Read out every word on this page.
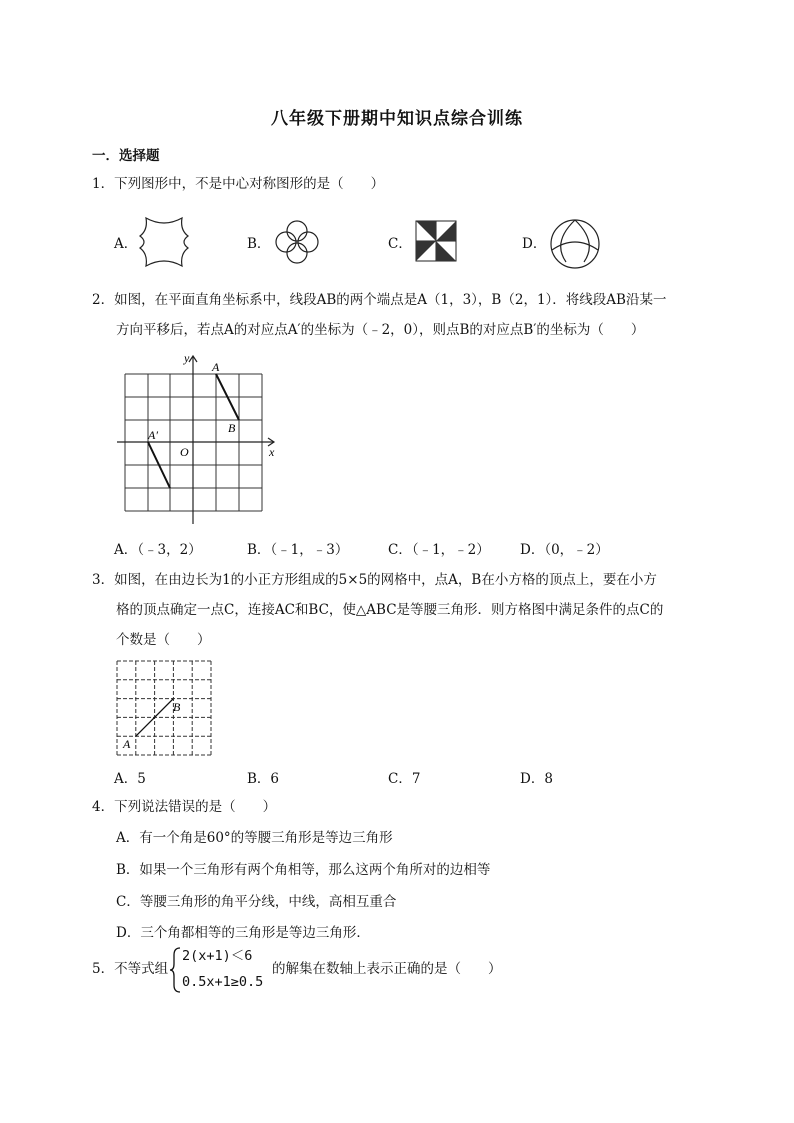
八年级下册期中知识点综合训练
一．选择题
1．下列图形中，不是中心对称图形的是（　　）
A．	B．	C．	D．
2．如图，在平面直角坐标系中，线段AB的两个端点是A（1，3），B（2，1）．将线段AB沿某一
方向平移后，若点A的对应点A′的坐标为（﹣2，0），则点B的对应点B′的坐标为（　　）
y
x
O
A
B
A′
A．（﹣3，2）	B．（﹣1，﹣3）	C．（﹣1，﹣2） D．（0，﹣2）
3．如图，在由边长为1的小正方形组成的5×5的网格中，点A，B在小方格的顶点上，要在小方
格的顶点确定一点C，连接AC和BC，使△ABC是等腰三角形．则方格图中满足条件的点C的
个数是（　　）
A
B
A．5	B．6	C．7	D．8
4．下列说法错误的是（　　）
A．有一个角是60°的等腰三角形是等边三角形
B．如果一个三角形有两个角相等，那么这两个角所对的边相等
C．等腰三角形的角平分线，中线，高相互重合
D．三个角都相等的三角形是等边三角形．
5．不等式组
2(x+1)＜6
0.5x+1≥0.5
的解集在数轴上表示正确的是（　　）
